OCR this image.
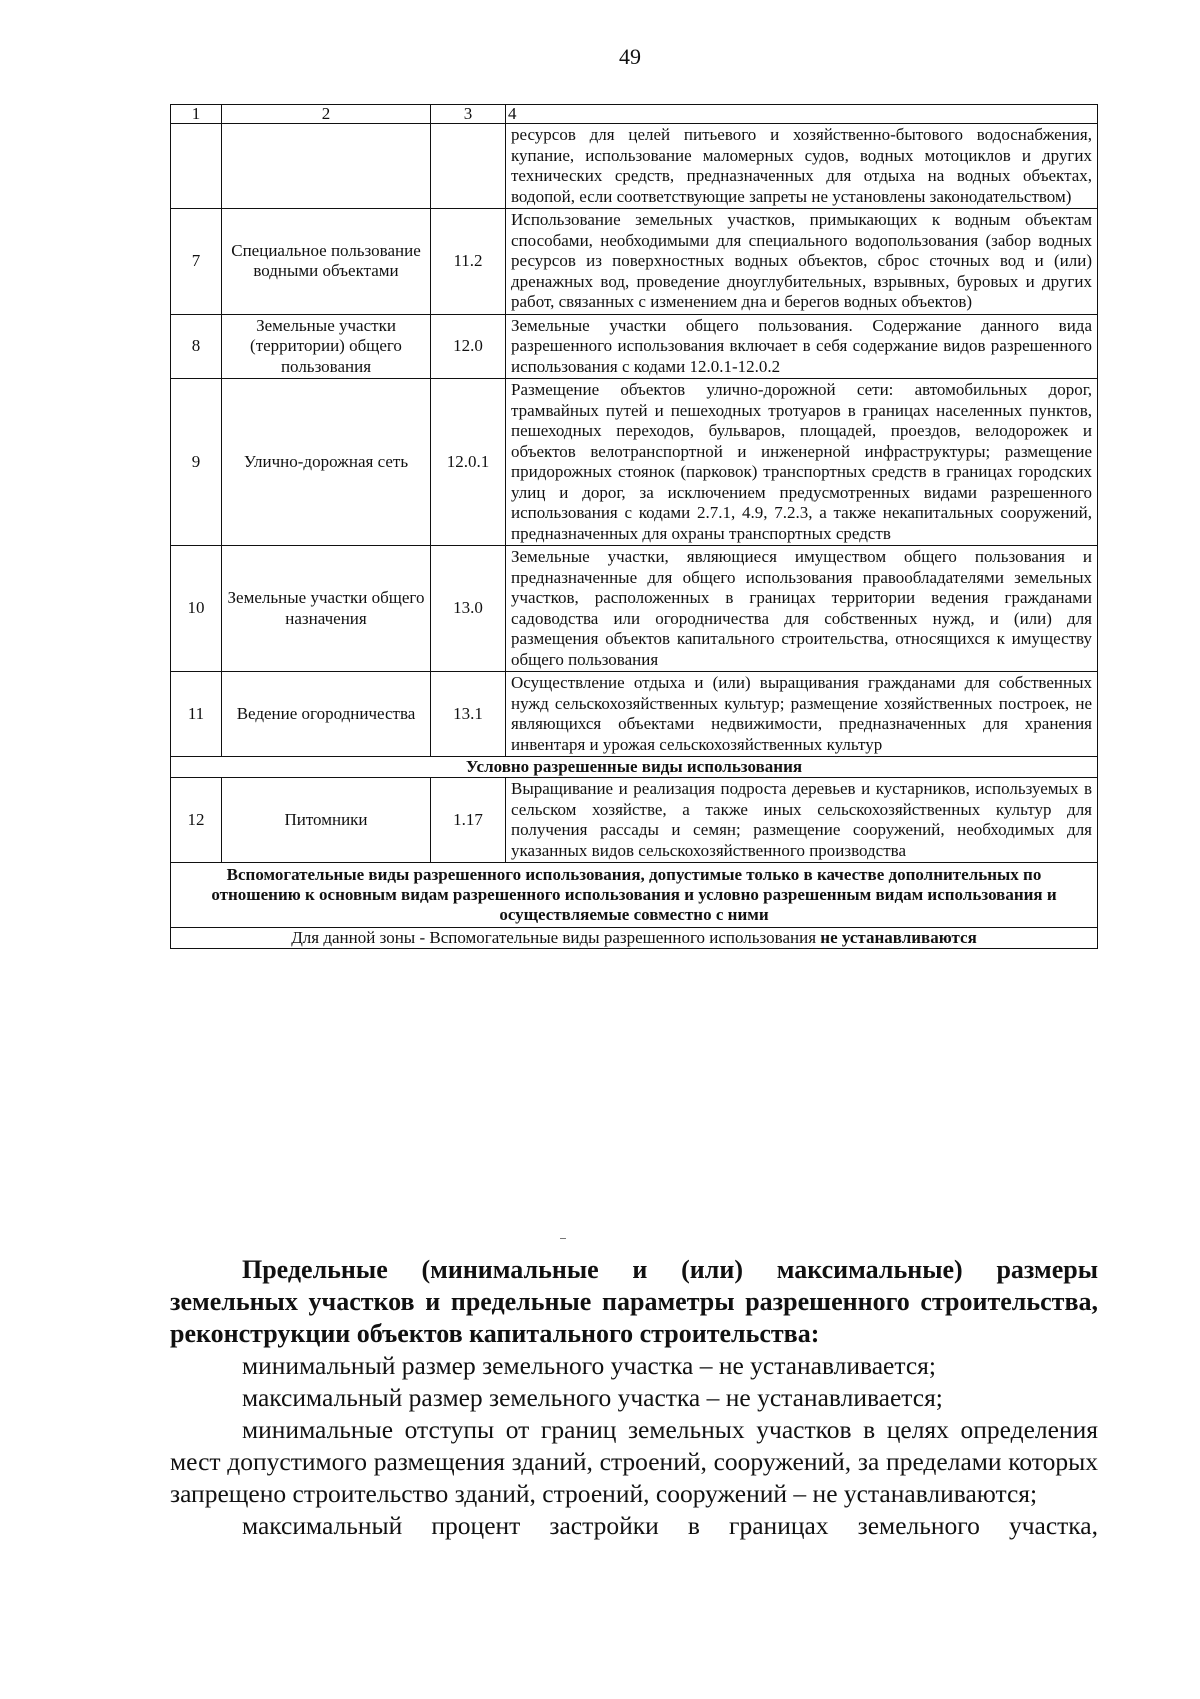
49
1	2	3	4
			ресурсов для целей питьевого и хозяйственно-бытового водоснабжения, купание, использование маломерных судов, водных мотоциклов и других технических средств, предназначенных для отдыха на водных объектах, водопой, если соответствующие запреты не установлены законодательством)
7	Специальное пользование водными объектами	11.2	Использование земельных участков, примыкающих к водным объектам способами, необходимыми для специального водопользования (забор водных ресурсов из поверхностных водных объектов, сброс сточных вод и (или) дренажных вод, проведение дноуглубительных, взрывных, буровых и других работ, связанных с изменением дна и берегов водных объектов)
8	Земельные участки (территории) общего пользования	12.0	Земельные участки общего пользования. Содержание данного вида разрешенного использования включает в себя содержание видов разрешенного использования с кодами 12.0.1-12.0.2
9	Улично-дорожная сеть	12.0.1	Размещение объектов улично-дорожной сети: автомобильных дорог, трамвайных путей и пешеходных тротуаров в границах населенных пунктов, пешеходных переходов, бульваров, площадей, проездов, велодорожек и объектов велотранспортной и инженерной инфраструктуры; размещение придорожных стоянок (парковок) транспортных средств в границах городских улиц и дорог, за исключением предусмотренных видами разрешенного использования с кодами 2.7.1, 4.9, 7.2.3, а также некапитальных сооружений, предназначенных для охраны транспортных средств
10	Земельные участки общего назначения	13.0	Земельные участки, являющиеся имуществом общего пользования и предназначенные для общего использования правообладателями земельных участков, расположенных в границах территории ведения гражданами садоводства или огородничества для собственных нужд, и (или) для размещения объектов капитального строительства, относящихся к имуществу общего пользования
11	Ведение огородничества	13.1	Осуществление отдыха и (или) выращивания гражданами для собственных нужд сельскохозяйственных культур; размещение хозяйственных построек, не являющихся объектами недвижимости, предназначенных для хранения инвентаря и урожая сельскохозяйственных культур
Условно разрешенные виды использования			
12	Питомники	1.17	Выращивание и реализация подроста деревьев и кустарников, используемых в сельском хозяйстве, а также иных сельскохозяйственных культур для получения рассады и семян; размещение сооружений, необходимых для указанных видов сельскохозяйственного производства
Вспомогательные виды разрешенного использования, допустимые только в качестве дополнительных по отношению к основным видам разрешенного использования и условно разрешенным видам использования и осуществляемые совместно с ними			
Для данной зоны - Вспомогательные виды разрешенного использования не устанавливаются			
Предельные (минимальные и (или) максимальные) размеры
земельных участков и предельные параметры разрешенного строительства, реконструкции объектов капитального строительства:

минимальный размер земельного участка – не устанавливается;

максимальный размер земельного участка – не устанавливается;

минимальные отступы от границ земельных участков в целях определения мест допустимого размещения зданий, строений, сооружений, за пределами которых запрещено строительство зданий, строений, сооружений – не устанавливаются;

максимальный процент застройки в границах земельного участка,
